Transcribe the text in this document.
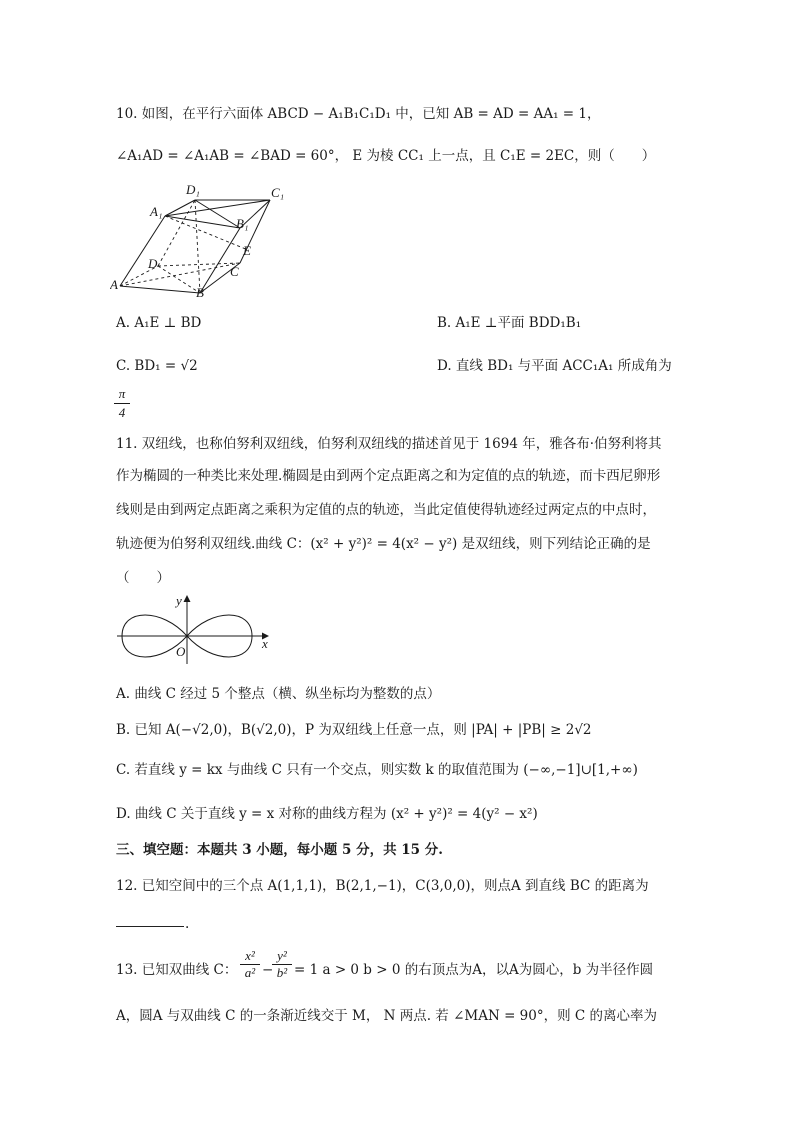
10. 如图，在平行六面体 ABCD − A₁B₁C₁D₁ 中，已知 AB = AD = AA₁ = 1，
∠A₁AD = ∠A₁AB = ∠BAD = 60°， E 为棱 CC₁ 上一点，且 C₁E = 2EC，则（　　）
D₁	C₁
A₁
B₁
E
D
C
A
B
A. A₁E ⊥ BD	B. A₁E ⊥平面 BDD₁B₁
C. BD₁ = √2	D. 直线 BD₁ 与平面 ACC₁A₁ 所成角为
π
4
11. 双纽线，也称伯努利双纽线，伯努利双纽线的描述首见于 1694 年，雅各布·伯努利将其
作为椭圆的一种类比来处理.椭圆是由到两个定点距离之和为定值的点的轨迹，而卡西尼卵形
线则是由到两定点距离之乘积为定值的点的轨迹，当此定值使得轨迹经过两定点的中点时，
轨迹便为伯努利双纽线.曲线 C：(x² + y²)² = 4(x² − y²) 是双纽线，则下列结论正确的是
（　　）
y
x
O
A. 曲线 C 经过 5 个整点（横、纵坐标均为整数的点）
B. 已知 A(−√2,0)，B(√2,0)，P 为双纽线上任意一点，则 |PA| + |PB| ≥ 2√2
C. 若直线 y = kx 与曲线 C 只有一个交点，则实数 k 的取值范围为 (−∞,−1]∪[1,+∞)
D. 曲线 C 关于直线 y = x 对称的曲线方程为 (x² + y²)² = 4(y² − x²)
三、填空题：本题共 3 小题，每小题 5 分，共 15 分.
12. 已知空间中的三个点 A(1,1,1)，B(2,1,−1)，C(3,0,0)，则点A 到直线 BC 的距离为
.
13. 已知双曲线 C：
x²
a² −
y²
b² = 1 a > 0 b > 0 的右顶点为A，以A为圆心，b 为半径作圆
A，圆A 与双曲线 C 的一条渐近线交于 M， N 两点. 若 ∠MAN = 90°，则 C 的离心率为
